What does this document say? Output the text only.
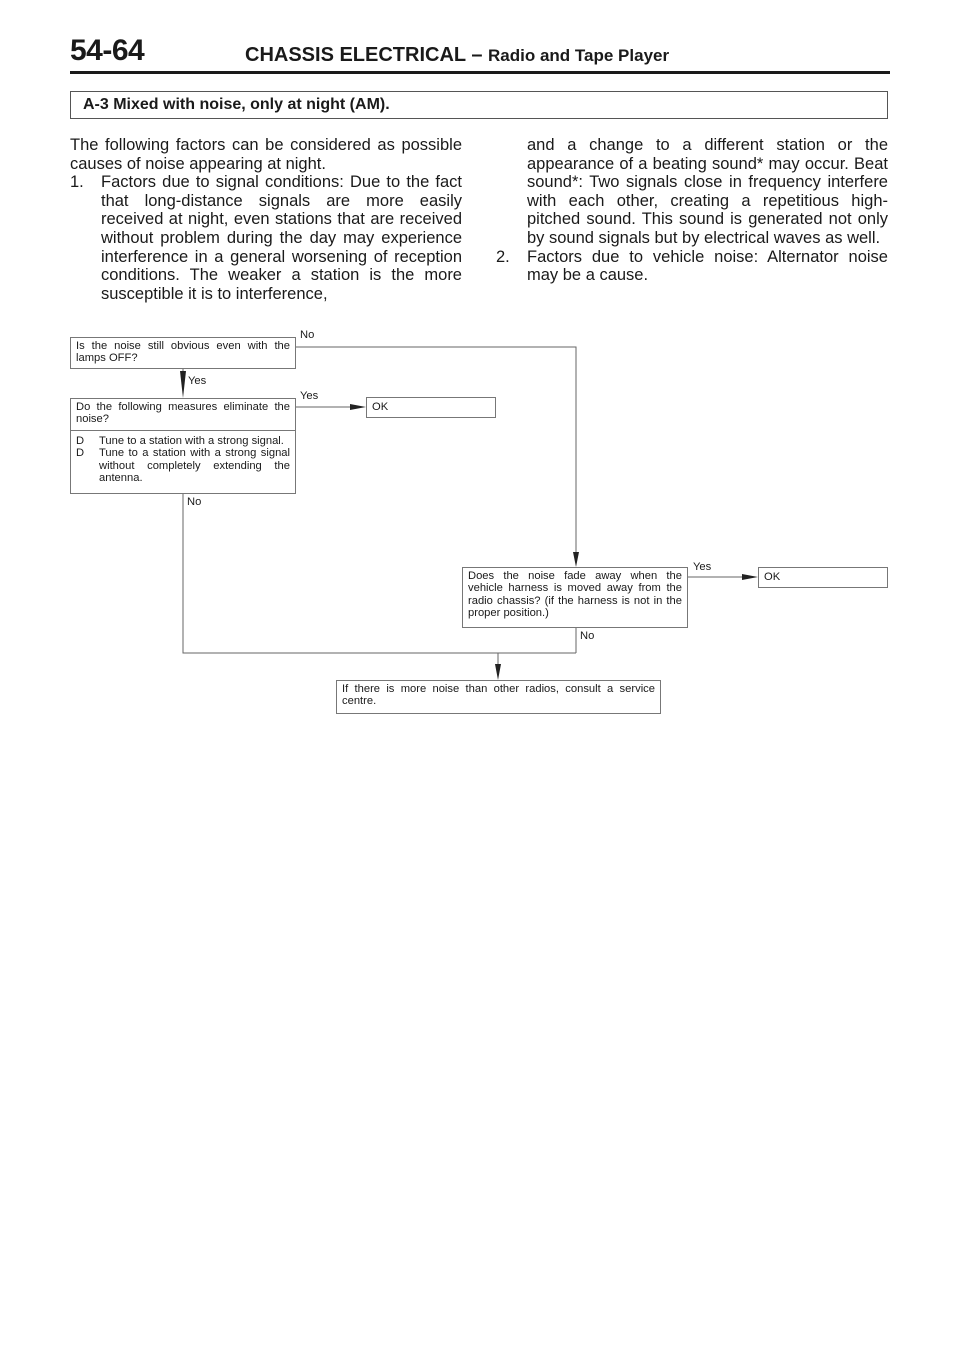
54-64	CHASSIS ELECTRICAL – Radio and Tape Player
A-3 Mixed with noise, only at night (AM).
The following factors can be considered as possible causes of noise appearing at night.
1. Factors due to signal conditions: Due to the fact that long-distance signals are more easily received at night, even stations that are received without problem during the day may experience interference in a general worsening of reception conditions. The weaker a station is the more susceptible it is to interference,
and a change to a different station or the appearance of a beating sound* may occur. Beat sound*: Two signals close in frequency interfere with each other, creating a repetitious high-pitched sound. This sound is generated not only by sound signals but by electrical waves as well.
2. Factors due to vehicle noise: Alternator noise may be a cause.
Is the noise still obvious even with the lamps OFF?
No
Yes
Do the following measures eliminate the noise?
D Tune to a station with a strong signal.
D Tune to a station with a strong signal without completely extending the antenna.
Yes
No
OK
Does the noise fade away when the vehicle harness is moved away from the radio chassis? (if the harness is not in the proper position.)
Yes
No
OK
If there is more noise than other radios, consult a service centre.
